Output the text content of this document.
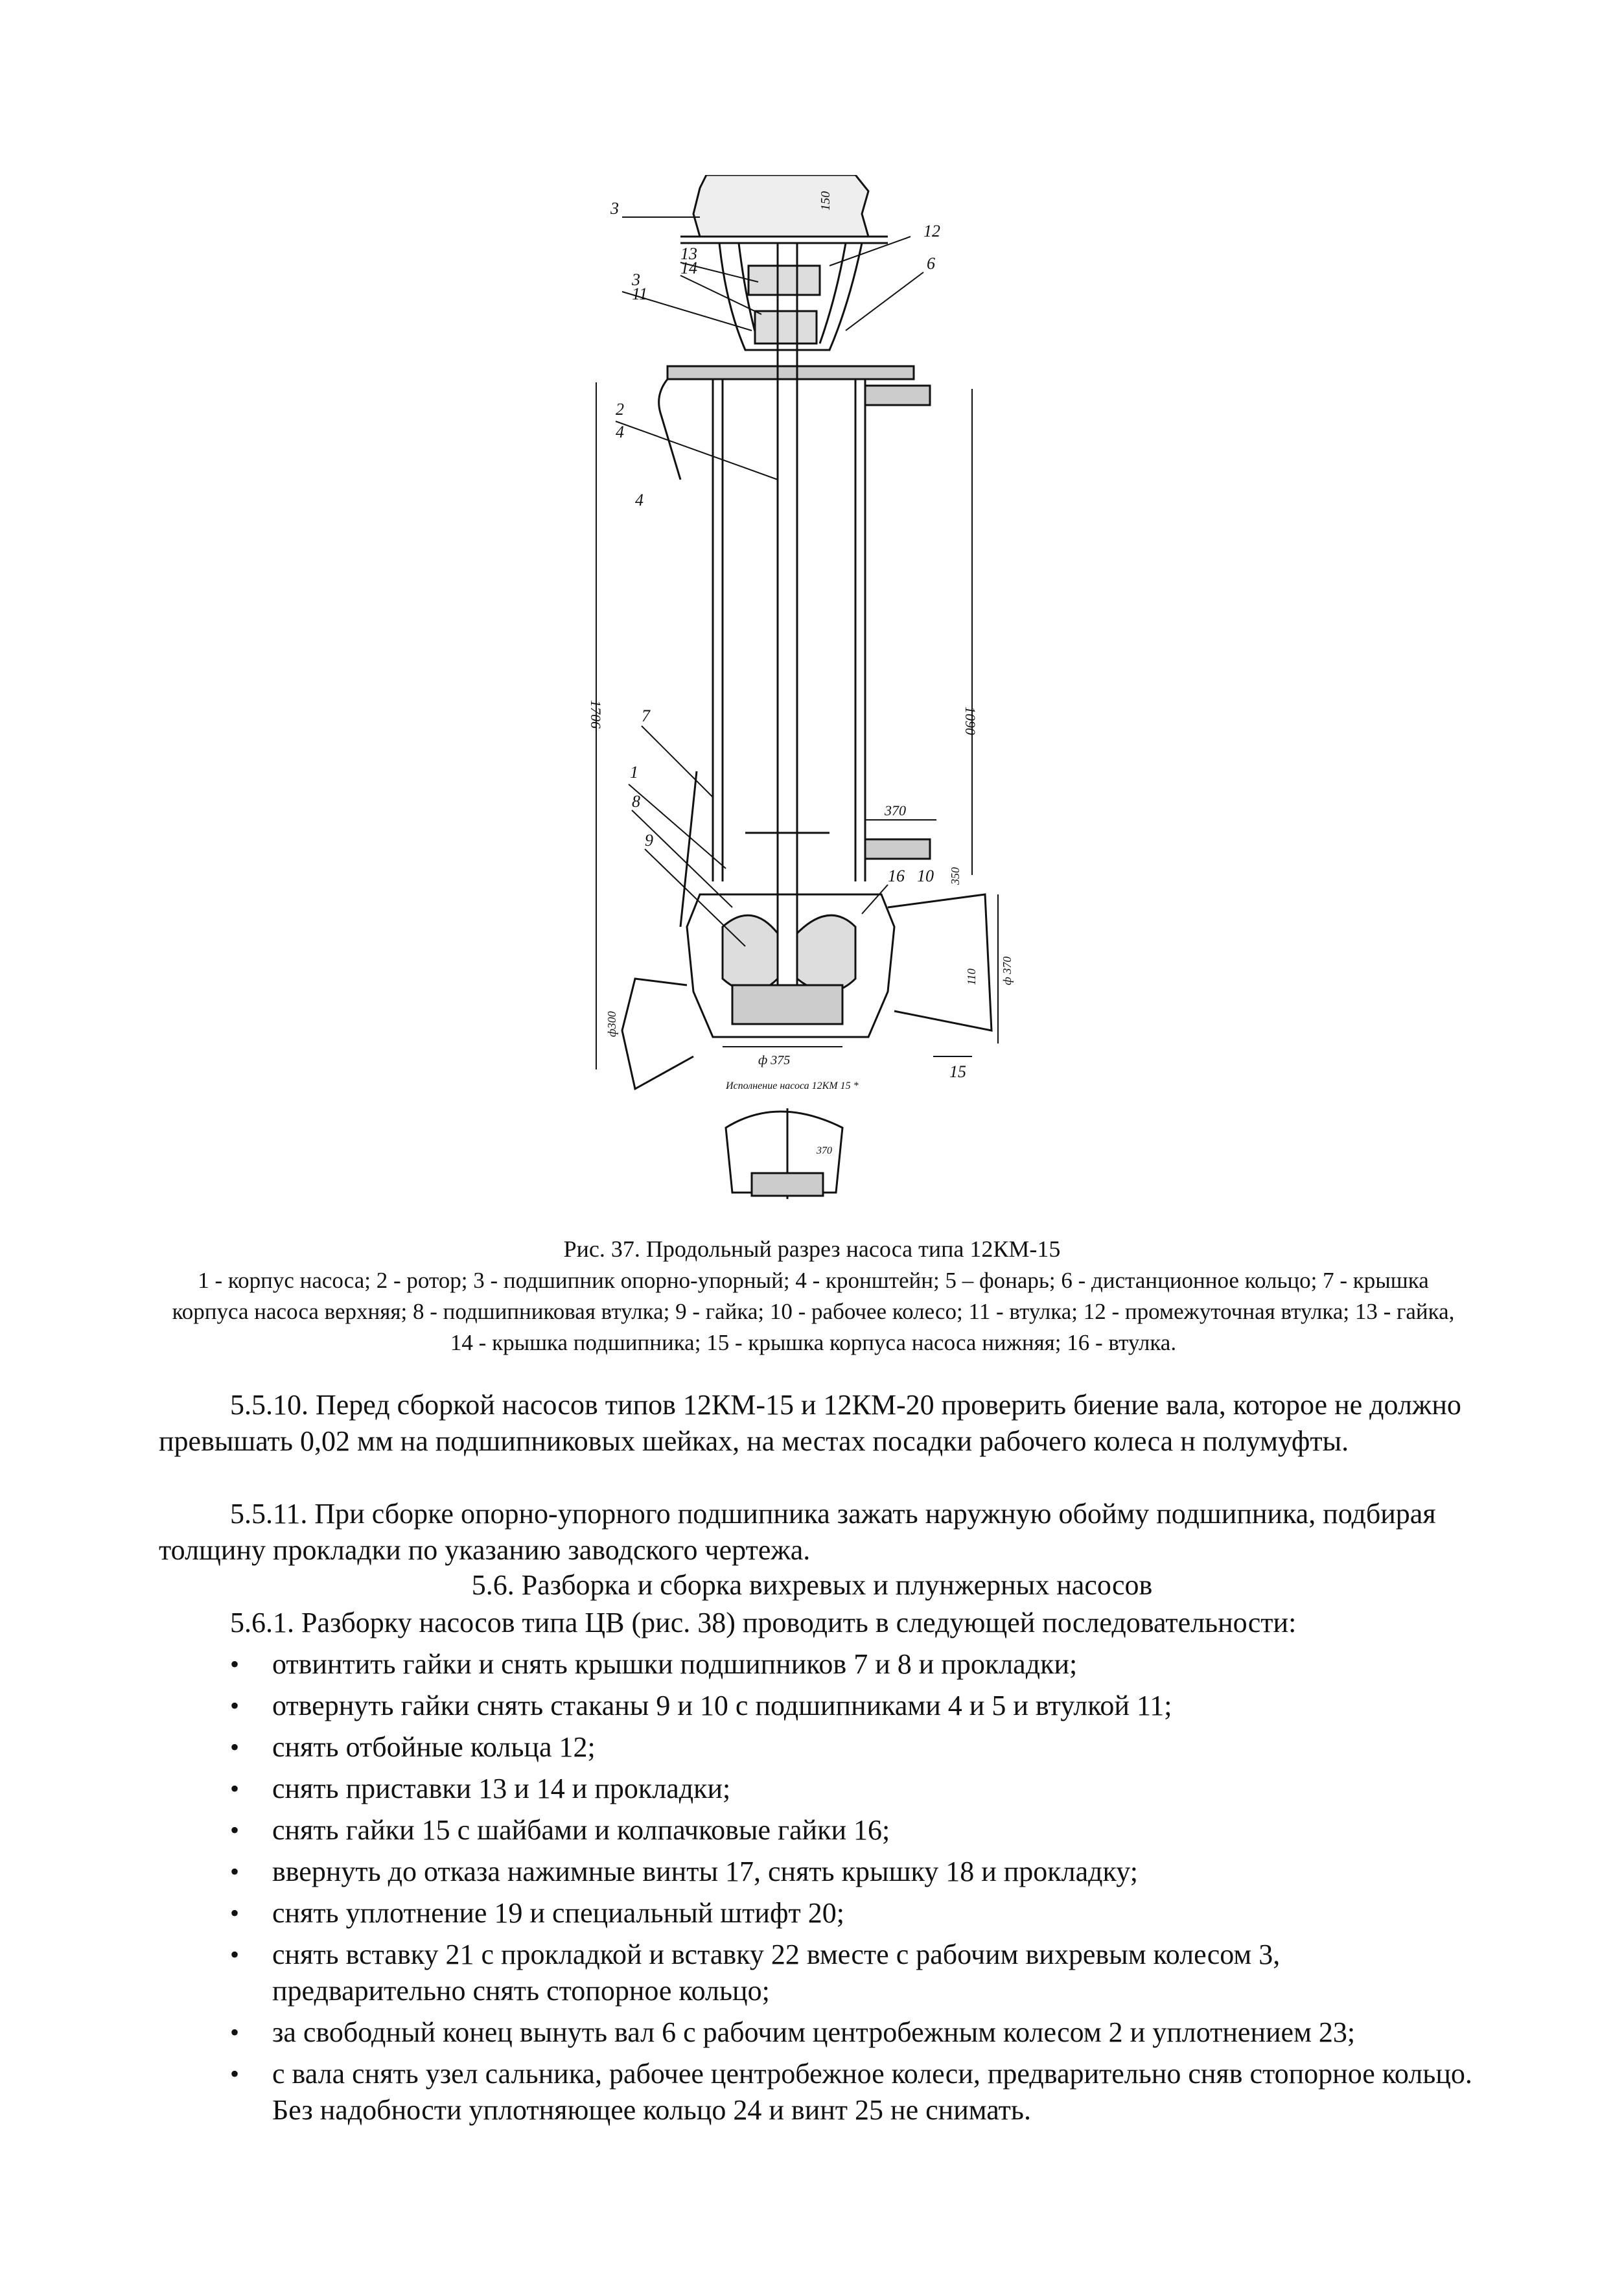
3
12
150
13
14
3
11
6
2
4
4
1706	1090
370
7
1
8
9
16 10 350
110 ф 370
ф300
ф 375
Исполнение насоса 12КМ 15 *
15
370
Рис. 37. Продольный разрез насоса типа 12КМ-15
1 - корпус насоса; 2 - ротор; 3 - подшипник опорно-упорный; 4 - кронштейн; 5 – фонарь; 6 - дистанционное кольцо; 7 - крышка корпуса насоса верхняя; 8 - подшипниковая втулка; 9 - гайка; 10 - рабочее колесо; 11 - втулка; 12 - промежуточная втулка; 13 - гайка, 14 - крышка подшипника; 15 - крышка корпуса насоса нижняя; 16 - втулка.
5.5.10. Перед сборкой насосов типов 12КМ-15 и 12КМ-20 проверить биение вала, которое не должно превышать 0,02 мм на подшипниковых шейках, на местах посадки рабочего колеса н полумуфты.
5.5.11. При сборке опорно-упорного подшипника зажать наружную обойму подшипника, подбирая толщину прокладки по указанию заводского чертежа.
5.6. Разборка и сборка вихревых и плунжерных насосов
5.6.1. Разборку насосов типа ЦВ (рис. 38) проводить в следующей последовательности:
• отвинтить гайки и снять крышки подшипников 7 и 8 и прокладки;
• отвернуть гайки снять стаканы 9 и 10 с подшипниками 4 и 5 и втулкой 11;
• снять отбойные кольца 12;
• снять приставки 13 и 14 и прокладки;
• снять гайки 15 с шайбами и колпачковые гайки 16;
• ввернуть до отказа нажимные винты 17, снять крышку 18 и прокладку;
• снять уплотнение 19 и специальный штифт 20;
• снять вставку 21 с прокладкой и вставку 22 вместе с рабочим вихревым колесом 3, предварительно снять стопорное кольцо;
• за свободный конец вынуть вал 6 с рабочим центробежным колесом 2 и уплотнением 23;
• с вала снять узел сальника, рабочее центробежное колеси, предварительно сняв стопорное кольцо. Без надобности уплотняющее кольцо 24 и винт 25 не снимать.
